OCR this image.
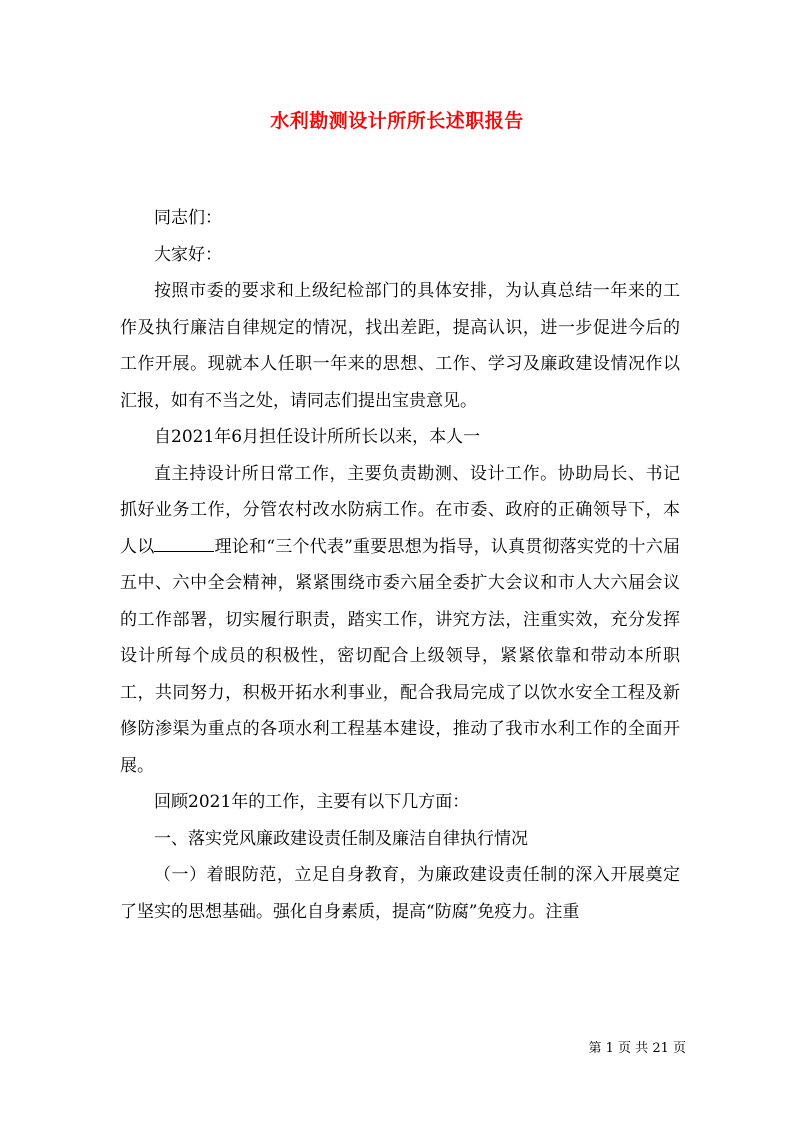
水利勘测设计所所长述职报告

同志们：

大家好：

按照市委的要求和上级纪检部门的具体安排，为认真总结一年来的工作及执行廉洁自律规定的情况，找出差距，提高认识，进一步促进今后的工作开展。现就本人任职一年来的思想、工作、学习及廉政建设情况作以汇报，如有不当之处，请同志们提出宝贵意见。

自2021年6月担任设计所所长以来，本人一

直主持设计所日常工作，主要负责勘测、设计工作。协助局长、书记抓好业务工作，分管农村改水防病工作。在市委、政府的正确领导下，本人以	理论和“三个代表”重要思想为指导，认真贯彻落实党的十六届五中、六中全会精神，紧紧围绕市委六届全委扩大会议和市人大六届会议的工作部署，切实履行职责，踏实工作，讲究方法，注重实效，充分发挥设计所每个成员的积极性，密切配合上级领导，紧紧依靠和带动本所职工，共同努力，积极开拓水利事业，配合我局完成了以饮水安全工程及新修防渗渠为重点的各项水利工程基本建设，推动了我市水利工作的全面开展。

回顾2021年的工作，主要有以下几方面：

一、落实党风廉政建设责任制及廉洁自律执行情况

（一）着眼防范，立足自身教育，为廉政建设责任制的深入开展奠定了坚实的思想基础。强化自身素质，提高“防腐”免疫力。注重

第 1 页 共 21 页
